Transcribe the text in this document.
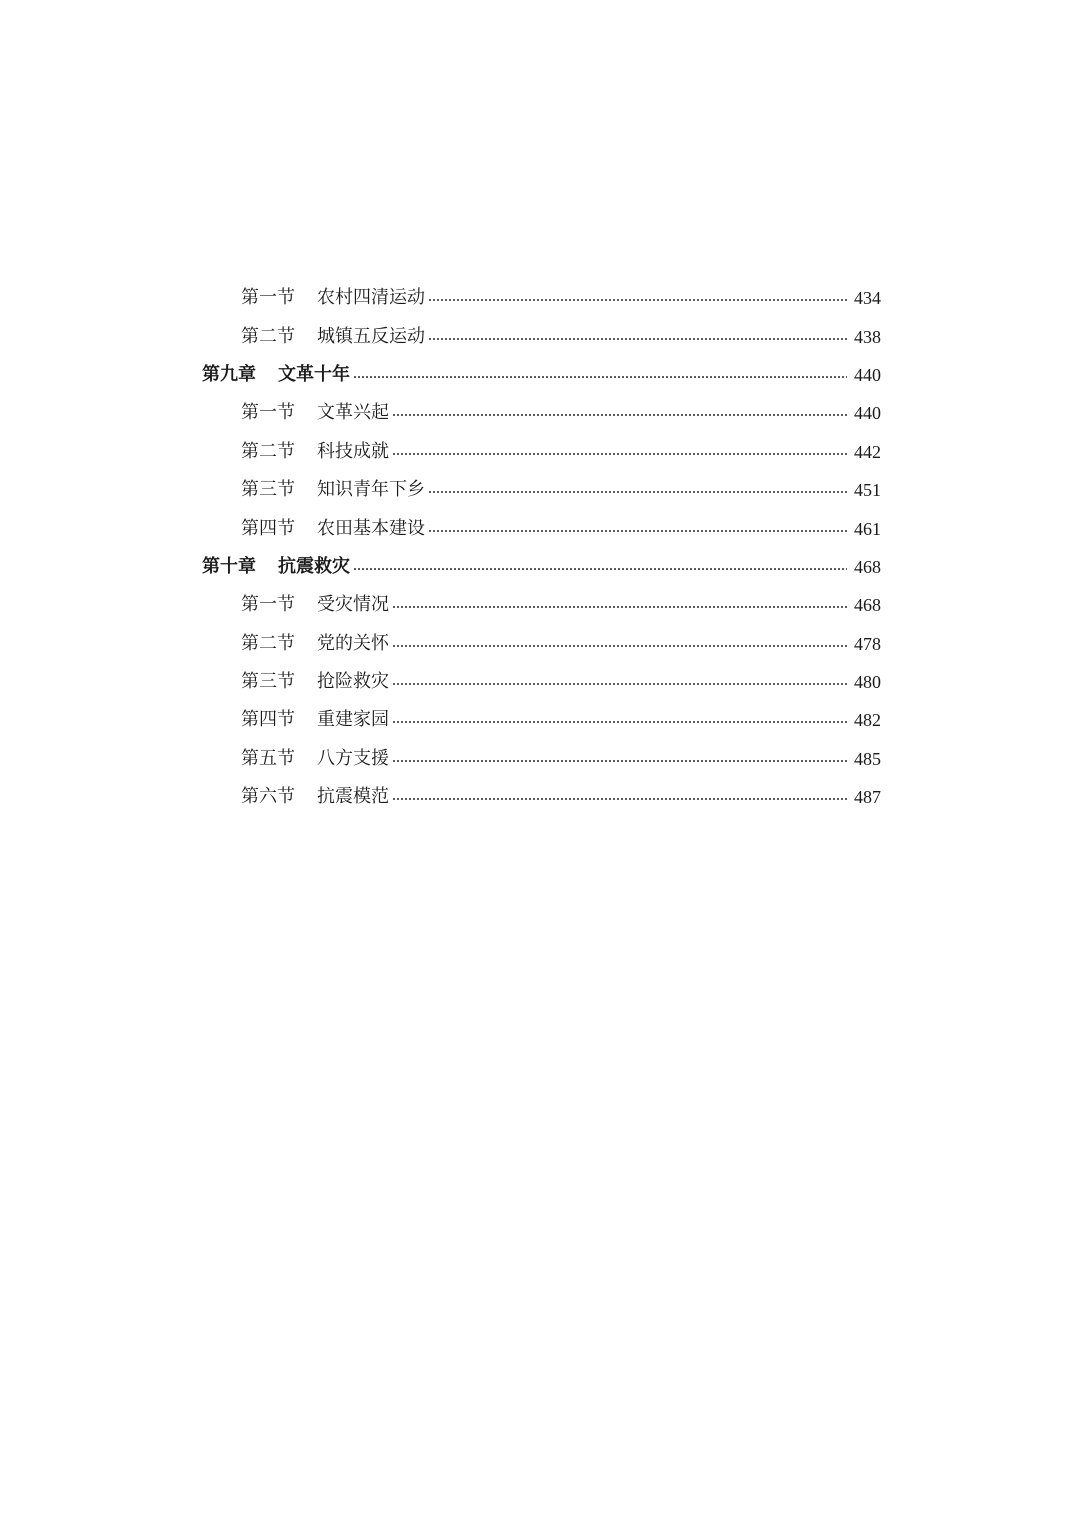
第一节 农村四清运动	434
第二节 城镇五反运动	438
第九章 文革十年	440
第一节 文革兴起	440
第二节 科技成就	442
第三节 知识青年下乡	451
第四节 农田基本建设	461
第十章 抗震救灾	468
第一节 受灾情况	468
第二节 党的关怀	478
第三节 抢险救灾	480
第四节 重建家园	482
第五节 八方支援	485
第六节 抗震模范	487
